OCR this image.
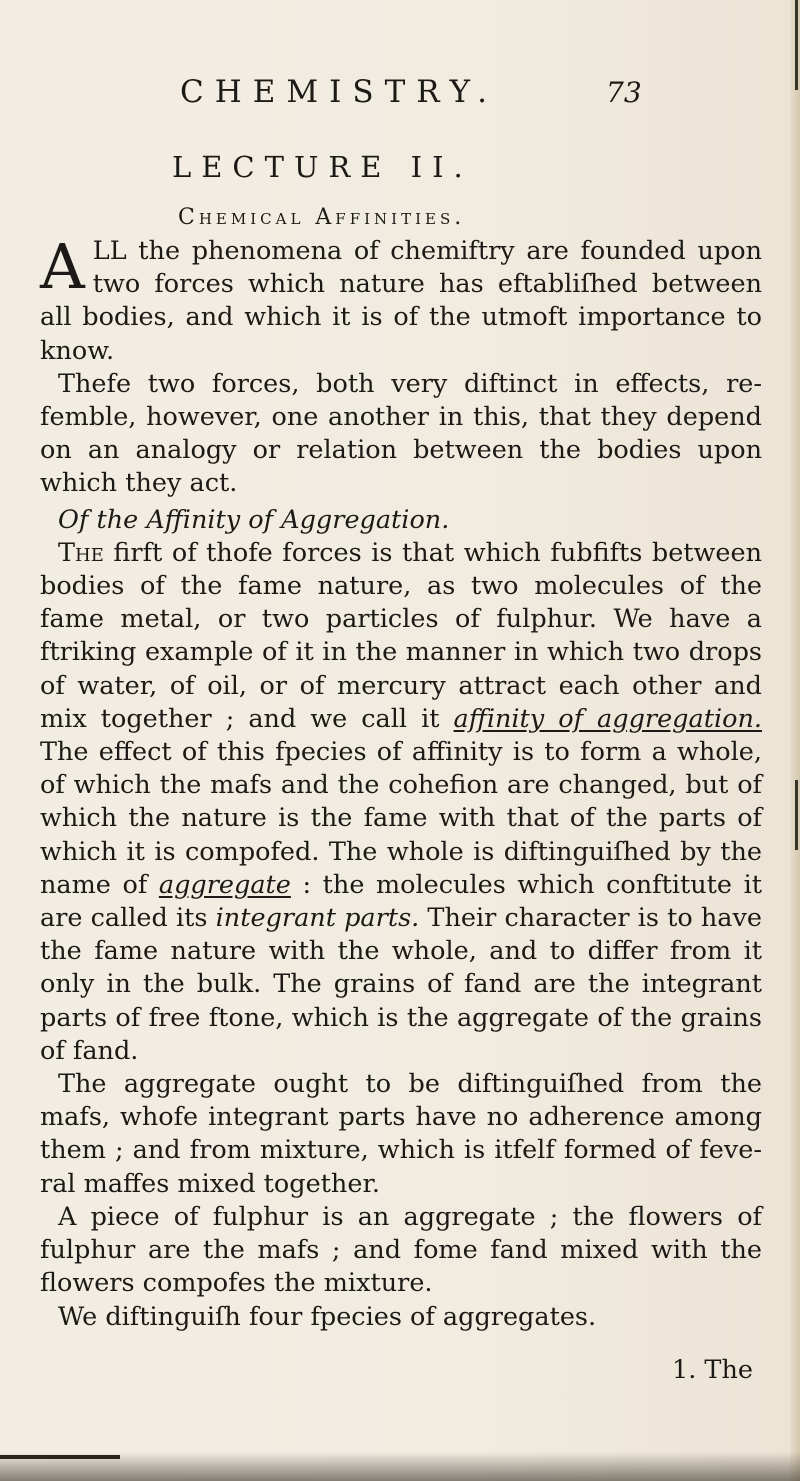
CHEMISTRY.	73
LECTURE II.
Chemical Affinities.

ALL the phenomena of chemiftry are founded upon two forces which nature has eftabliſhed between all bodies, and which it is of the utmoft importance to know.

Thefe two forces, both very diftinct in effects, refemble, however, one another in this, that they depend on an analogy or relation between the bodies upon which they act.

Of the Affinity of Aggregation.

The firft of thofe forces is that which fubfifts between bodies of the fame nature, as two molecules of the fame metal, or two particles of fulphur. We have a ftriking example of it in the manner in which two drops of water, of oil, or of mercury attract each other and mix together ; and we call it affinity of aggregation. The effect of this fpecies of affinity is to form a whole, of which the mafs and the cohefion are changed, but of which the nature is the fame with that of the parts of which it is compofed. The whole is diftinguiſhed by the name of aggregate : the molecules which conftitute it are called its integrant parts. Their character is to have the fame nature with the whole, and to differ from it only in the bulk. The grains of fand are the integrant parts of free ftone, which is the aggregate of the grains of fand.

The aggregate ought to be diftinguiſhed from the mafs, whofe integrant parts have no adherence among them ; and from mixture, which is itfelf formed of feveral maffes mixed together.

A piece of fulphur is an aggregate ; the flowers of fulphur are the mafs ; and fome fand mixed with the flowers compofes the mixture.

We diftinguiſh four fpecies of aggregates.

1. The
